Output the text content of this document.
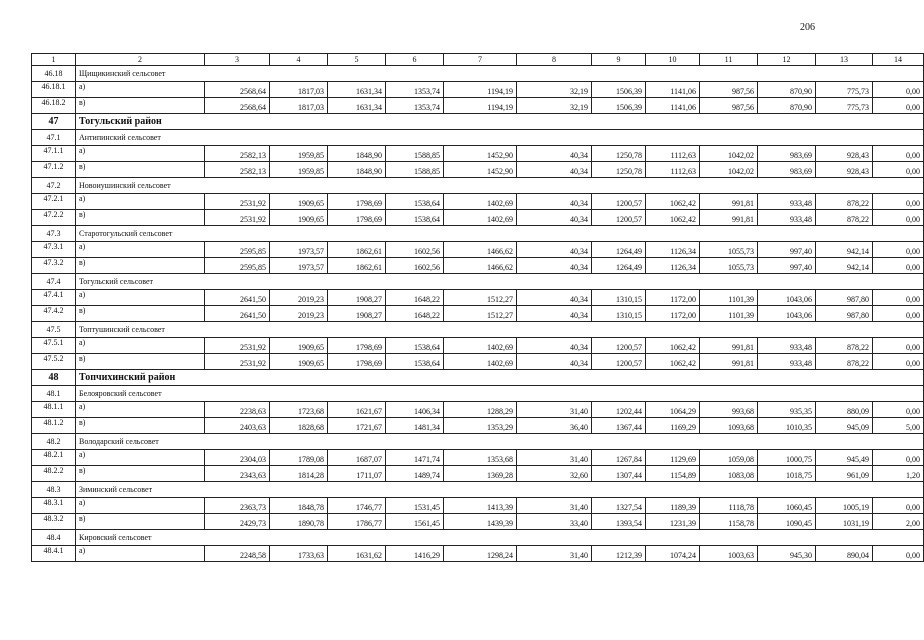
206
1	2	3	4	5	6	7	8	9	10	11	12	13	14
46.18	Щищикинский сельсовет												
46.18.1	а)	2568,64	1817,03	1631,34	1353,74	1194,19	32,19	1506,39	1141,06	987,56	870,90	775,73	0,00
46.18.2	в)	2568,64	1817,03	1631,34	1353,74	1194,19	32,19	1506,39	1141,06	987,56	870,90	775,73	0,00
47	Тогульский район												
47.1	Антипинский сельсовет												
47.1.1	а)	2582,13	1959,85	1848,90	1588,85	1452,90	40,34	1250,78	1112,63	1042,02	983,69	928,43	0,00
47.1.2	в)	2582,13	1959,85	1848,90	1588,85	1452,90	40,34	1250,78	1112,63	1042,02	983,69	928,43	0,00
47.2	Новоиушинский сельсовет												
47.2.1	а)	2531,92	1909,65	1798,69	1538,64	1402,69	40,34	1200,57	1062,42	991,81	933,48	878,22	0,00
47.2.2	в)	2531,92	1909,65	1798,69	1538,64	1402,69	40,34	1200,57	1062,42	991,81	933,48	878,22	0,00
47.3	Старотогульский сельсовет												
47.3.1	а)	2595,85	1973,57	1862,61	1602,56	1466,62	40,34	1264,49	1126,34	1055,73	997,40	942,14	0,00
47.3.2	в)	2595,85	1973,57	1862,61	1602,56	1466,62	40,34	1264,49	1126,34	1055,73	997,40	942,14	0,00
47.4	Тогульский сельсовет												
47.4.1	а)	2641,50	2019,23	1908,27	1648,22	1512,27	40,34	1310,15	1172,00	1101,39	1043,06	987,80	0,00
47.4.2	в)	2641,50	2019,23	1908,27	1648,22	1512,27	40,34	1310,15	1172,00	1101,39	1043,06	987,80	0,00
47.5	Топтушинский сельсовет												
47.5.1	а)	2531,92	1909,65	1798,69	1538,64	1402,69	40,34	1200,57	1062,42	991,81	933,48	878,22	0,00
47.5.2	в)	2531,92	1909,65	1798,69	1538,64	1402,69	40,34	1200,57	1062,42	991,81	933,48	878,22	0,00
48	Топчихинский район												
48.1	Белояровский сельсовет												
48.1.1	а)	2238,63	1723,68	1621,67	1406,34	1288,29	31,40	1202,44	1064,29	993,68	935,35	880,09	0,00
48.1.2	в)	2403,63	1828,68	1721,67	1481,34	1353,29	36,40	1367,44	1169,29	1093,68	1010,35	945,09	5,00
48.2	Володарский сельсовет												
48.2.1	а)	2304,03	1789,08	1687,07	1471,74	1353,68	31,40	1267,84	1129,69	1059,08	1000,75	945,49	0,00
48.2.2	в)	2343,63	1814,28	1711,07	1489,74	1369,28	32,60	1307,44	1154,89	1083,08	1018,75	961,09	1,20
48.3	Зиминский сельсовет												
48.3.1	а)	2363,73	1848,78	1746,77	1531,45	1413,39	31,40	1327,54	1189,39	1118,78	1060,45	1005,19	0,00
48.3.2	в)	2429,73	1890,78	1786,77	1561,45	1439,39	33,40	1393,54	1231,39	1158,78	1090,45	1031,19	2,00
48.4	Кировский сельсовет												
48.4.1	а)	2248,58	1733,63	1631,62	1416,29	1298,24	31,40	1212,39	1074,24	1003,63	945,30	890,04	0,00
